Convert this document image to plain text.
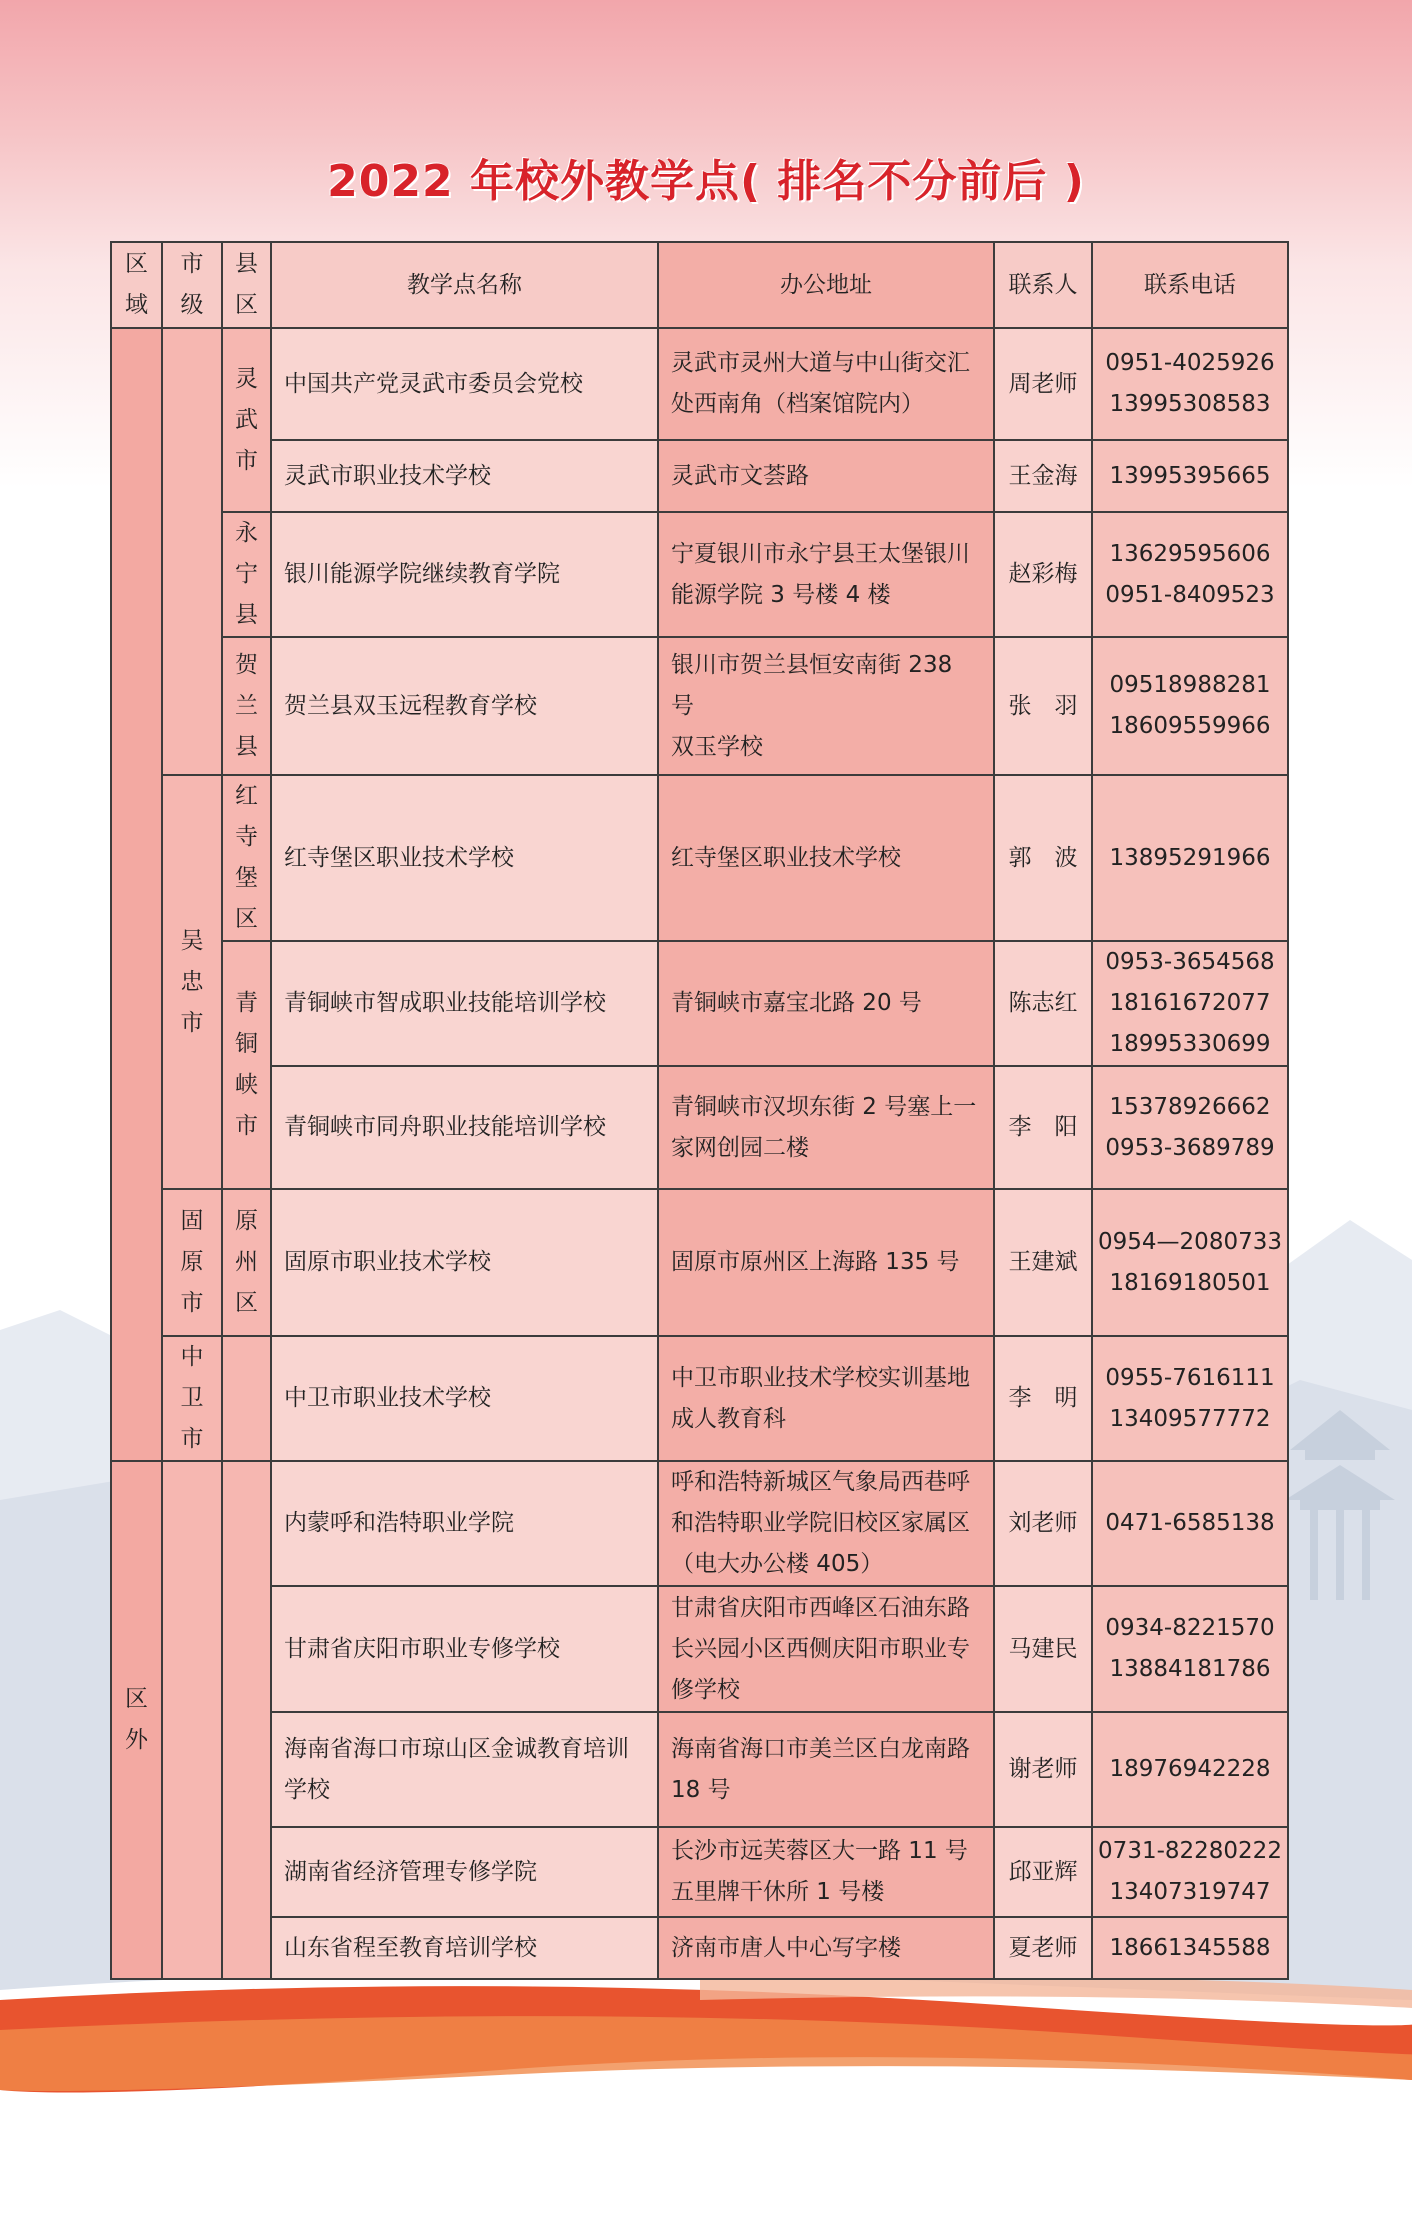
2022 年校外教学点( 排名不分前后 )
区域	市级	县区	教学点名称	办公地址	联系人	联系电话
		灵武市	中国共产党灵武市委员会党校	灵武市灵州大道与中山街交汇
处西南角（档案馆院内）	周老师	0951-4025926
13995308583
			灵武市职业技术学校	灵武市文荟路	王金海	13995395665
		永宁县	银川能源学院继续教育学院	宁夏银川市永宁县王太堡银川
能源学院 3 号楼 4 楼	赵彩梅	13629595606
0951-8409523
		贺兰县	贺兰县双玉远程教育学校	银川市贺兰县恒安南街 238 号
双玉学校	张　羽	09518988281
18609559966
	吴忠市	红寺堡区	红寺堡区职业技术学校	红寺堡区职业技术学校	郭　波	13895291966
		青铜峡市	青铜峡市智成职业技能培训学校	青铜峡市嘉宝北路 20 号	陈志红	0953-3654568
18161672077
18995330699
			青铜峡市同舟职业技能培训学校	青铜峡市汉坝东街 2 号塞上一
家网创园二楼	李　阳	15378926662
0953-3689789
	固原市	原州区	固原市职业技术学校	固原市原州区上海路 135 号	王建斌	0954—2080733
18169180501
	中卫市		中卫市职业技术学校	中卫市职业技术学校实训基地
成人教育科	李　明	0955-7616111
13409577772
区外			内蒙呼和浩特职业学院	呼和浩特新城区气象局西巷呼
和浩特职业学院旧校区家属区
（电大办公楼 405）	刘老师	0471-6585138
			甘肃省庆阳市职业专修学校	甘肃省庆阳市西峰区石油东路
长兴园小区西侧庆阳市职业专
修学校	马建民	0934-8221570
13884181786
			海南省海口市琼山区金诚教育培训
学校	海南省海口市美兰区白龙南路
18 号	谢老师	18976942228
			湖南省经济管理专修学院	长沙市远芙蓉区大一路 11 号
五里牌干休所 1 号楼	邱亚辉	0731-82280222
13407319747
			山东省程至教育培训学校	济南市唐人中心写字楼	夏老师	18661345588
